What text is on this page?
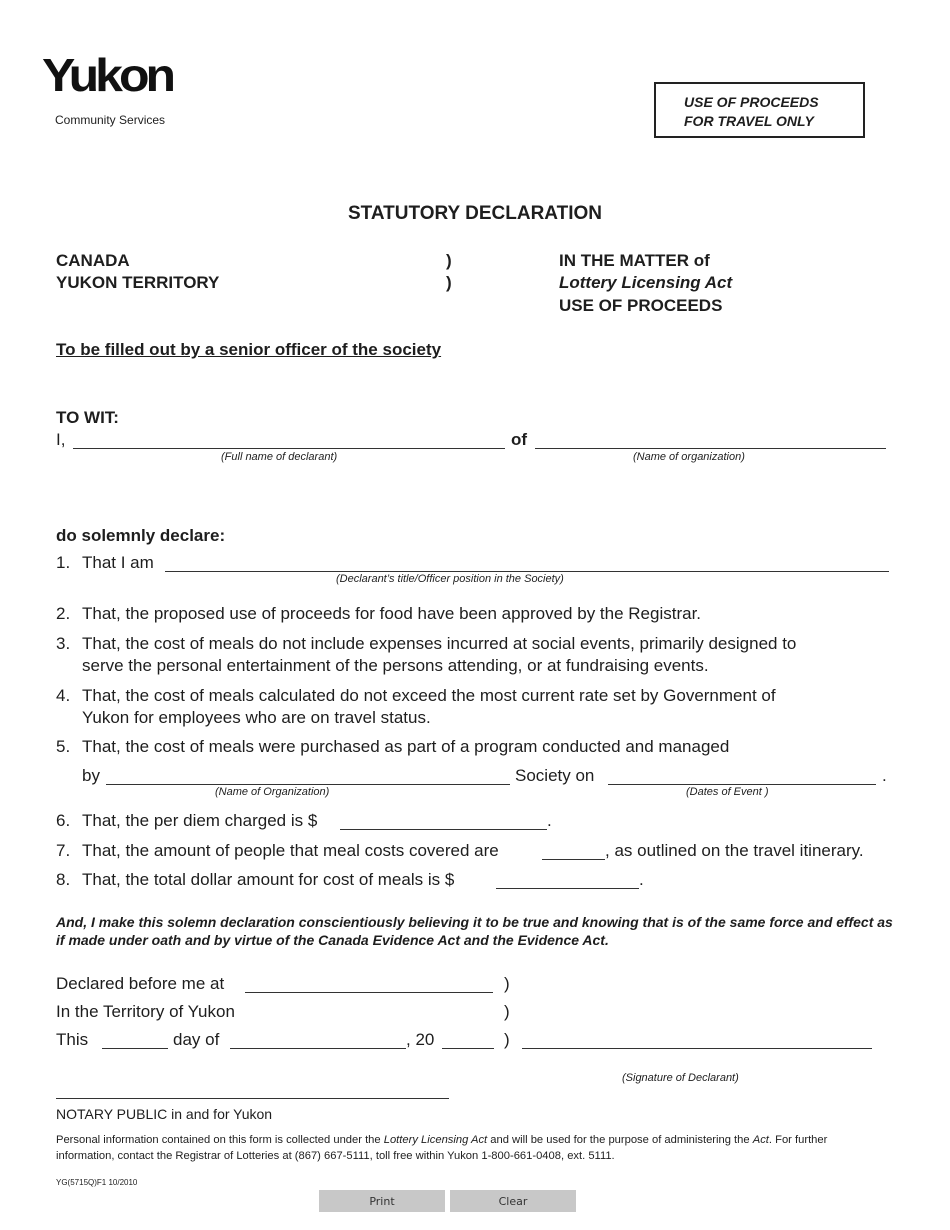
Yukon
Community Services
USE OF PROCEEDS
FOR TRAVEL ONLY
STATUTORY DECLARATION
CANADA
YUKON TERRITORY
)
)
IN THE MATTER of
Lottery Licensing Act
USE OF PROCEEDS
To be filled out by a senior officer of the society
TO WIT:
I,	of
(Full name of declarant)	(Name of organization)
do solemnly declare:
1. That I am
(Declarant’s title/Officer position in the Society)
2. That, the proposed use of proceeds for food have been approved by the Registrar.
3. That, the cost of meals do not include expenses incurred at social events, primarily designed to
serve the personal entertainment of the persons attending, or at fundraising events.
4. That, the cost of meals calculated do not exceed the most current rate set by Government of
Yukon for employees who are on travel status.
5. That, the cost of meals were purchased as part of a program conducted and managed
by	Society on	.
(Name of Organization)	(Dates of Event )
6. That, the per diem charged is $	.
7. That, the amount of people that meal costs covered are	, as outlined on the travel itinerary.
8. That, the total dollar amount for cost of meals is $	.
And, I make this solemn declaration conscientiously believing it to be true and knowing that is of the same force and effect as if made under oath and by virtue of the Canada Evidence Act and the Evidence Act.
Declared before me at	)
In the Territory of Yukon	)
This	day of	, 20	)
(Signature of Declarant)
NOTARY PUBLIC in and for Yukon
Personal information contained on this form is collected under the Lottery Licensing Act and will be used for the purpose of administering the Act. For further information, contact the Registrar of Lotteries at (867) 667-5111, toll free within Yukon 1-800-661-0408, ext. 5111.
YG(5715Q)F1 10/2010
Print	Clear
